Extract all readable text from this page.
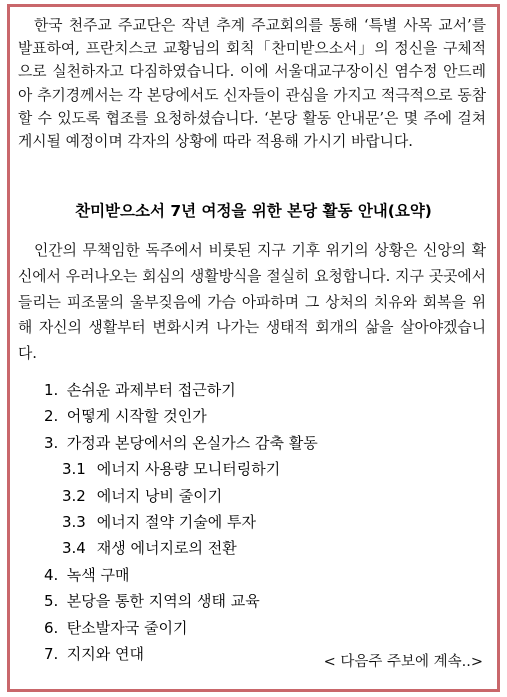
한국 천주교 주교단은 작년 추계 주교회의를 통해 ‘특별 사목 교서’를 발표하여, 프란치스코 교황님의 회칙「찬미받으소서」의 정신을 구체적으로 실천하자고 다짐하였습니다. 이에 서울대교구장이신 염수정 안드레아 추기경께서는 각 본당에서도 신자들이 관심을 가지고 적극적으로 동참할 수 있도록 협조를 요청하셨습니다. ‘본당 활동 안내문’은 몇 주에 걸쳐 게시될 예정이며 각자의 상황에 따라 적용해 가시기 바랍니다.

찬미받으소서 7년 여정을 위한 본당 활동 안내(요약)

인간의 무책임한 독주에서 비롯된 지구 기후 위기의 상황은 신앙의 확신에서 우러나오는 회심의 생활방식을 절실히 요청합니다. 지구 곳곳에서 들리는 피조물의 울부짖음에 가슴 아파하며 그 상처의 치유와 회복을 위해 자신의 생활부터 변화시켜 나가는 생태적 회개의 삶을 살아야겠습니다.

1. 손쉬운 과제부터 접근하기
2. 어떻게 시작할 것인가
3. 가정과 본당에서의 온실가스 감축 활동
3.1 에너지 사용량 모니터링하기
3.2 에너지 낭비 줄이기
3.3 에너지 절약 기술에 투자
3.4 재생 에너지로의 전환
4. 녹색 구매
5. 본당을 통한 지역의 생태 교육
6. 탄소발자국 줄이기
7. 지지와 연대	< 다음주 주보에 계속..>
